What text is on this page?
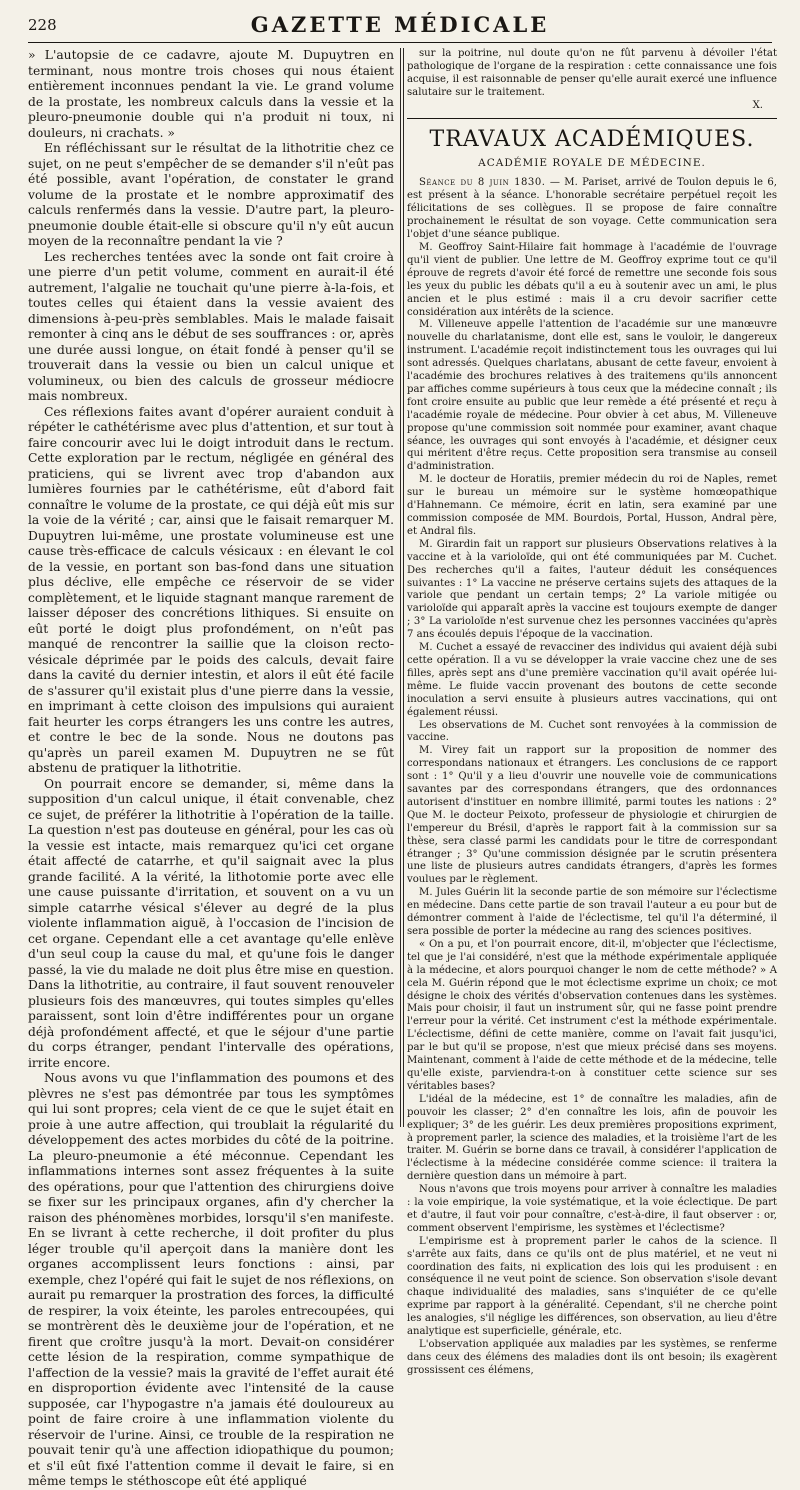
228	GAZETTE MÉDICALE

» L'autopsie de ce cadavre, ajoute M. Dupuytren en terminant, nous montre trois choses qui nous étaient entièrement inconnues pendant la vie. Le grand volume de la prostate, les nombreux calculs dans la vessie et la pleuro-pneumonie double qui n'a produit ni toux, ni douleurs, ni crachats. »

En réfléchissant sur le résultat de la lithotritie chez ce sujet, on ne peut s'empêcher de se demander s'il n'eût pas été possible, avant l'opération, de constater le grand volume de la prostate et le nombre approximatif des calculs renfermés dans la vessie. D'autre part, la pleuro-pneumonie double était-elle si obscure qu'il n'y eût aucun moyen de la reconnaître pendant la vie ?

Les recherches tentées avec la sonde ont fait croire à une pierre d'un petit volume, comment en aurait-il été autrement, l'algalie ne touchait qu'une pierre à-la-fois, et toutes celles qui étaient dans la vessie avaient des dimensions à-peu-près semblables. Mais le malade faisait remonter à cinq ans le début de ses souffrances : or, après une durée aussi longue, on était fondé à penser qu'il se trouverait dans la vessie ou bien un calcul unique et volumineux, ou bien des calculs de grosseur médiocre mais nombreux.

Ces réflexions faites avant d'opérer auraient conduit à répéter le cathétérisme avec plus d'attention, et sur tout à faire concourir avec lui le doigt introduit dans le rectum. Cette exploration par le rectum, négligée en général des praticiens, qui se livrent avec trop d'abandon aux lumières fournies par le cathétérisme, eût d'abord fait connaître le volume de la prostate, ce qui déjà eût mis sur la voie de la vérité ; car, ainsi que le faisait remarquer M. Dupuytren lui-même, une prostate volumineuse est une cause très-efficace de calculs vésicaux : en élevant le col de la vessie, en portant son bas-fond dans une situation plus déclive, elle empêche ce réservoir de se vider complètement, et le liquide stagnant manque rarement de laisser déposer des concrétions lithiques. Si ensuite on eût porté le doigt plus profondément, on n'eût pas manqué de rencontrer la saillie que la cloison recto-vésicale déprimée par le poids des calculs, devait faire dans la cavité du dernier intestin, et alors il eût été facile de s'assurer qu'il existait plus d'une pierre dans la vessie, en imprimant à cette cloison des impulsions qui auraient fait heurter les corps étrangers les uns contre les autres, et contre le bec de la sonde. Nous ne doutons pas qu'après un pareil examen M. Dupuytren ne se fût abstenu de pratiquer la lithotritie.

On pourrait encore se demander, si, même dans la supposition d'un calcul unique, il était convenable, chez ce sujet, de préférer la lithotritie à l'opération de la taille. La question n'est pas douteuse en général, pour les cas où la vessie est intacte, mais remarquez qu'ici cet organe était affecté de catarrhe, et qu'il saignait avec la plus grande facilité. A la vérité, la lithotomie porte avec elle une cause puissante d'irritation, et souvent on a vu un simple catarrhe vésical s'élever au degré de la plus violente inflammation aiguë, à l'occasion de l'incision de cet organe. Cependant elle a cet avantage qu'elle enlève d'un seul coup la cause du mal, et qu'une fois le danger passé, la vie du malade ne doit plus être mise en question. Dans la lithotritie, au contraire, il faut souvent renouveler plusieurs fois des manœuvres, qui toutes simples qu'elles paraissent, sont loin d'être indifférentes pour un organe déjà profondément affecté, et que le séjour d'une partie du corps étranger, pendant l'intervalle des opérations, irrite encore.

Nous avons vu que l'inflammation des poumons et des plèvres ne s'est pas démontrée par tous les symptômes qui lui sont propres; cela vient de ce que le sujet était en proie à une autre affection, qui troublait la régularité du développement des actes morbides du côté de la poitrine. La pleuro-pneumonie a été méconnue. Cependant les inflammations internes sont assez fréquentes à la suite des opérations, pour que l'attention des chirurgiens doive se fixer sur les principaux organes, afin d'y chercher la raison des phénomènes morbides, lorsqu'il s'en manifeste. En se livrant à cette recherche, il doit profiter du plus léger trouble qu'il aperçoit dans la manière dont les organes accomplissent leurs fonctions : ainsi, par exemple, chez l'opéré qui fait le sujet de nos réflexions, on aurait pu remarquer la prostration des forces, la difficulté de respirer, la voix éteinte, les paroles entrecoupées, qui se montrèrent dès le deuxième jour de l'opération, et ne firent que croître jusqu'à la mort. Devait-on considérer cette lésion de la respiration, comme sympathique de l'affection de la vessie? mais la gravité de l'effet aurait été en disproportion évidente avec l'intensité de la cause supposée, car l'hypogastre n'a jamais été douloureux au point de faire croire à une inflammation violente du réservoir de l'urine. Ainsi, ce trouble de la respiration ne pouvait tenir qu'à une affection idiopathique du poumon; et s'il eût fixé l'attention comme il devait le faire, si en même temps le stéthoscope eût été appliqué

sur la poitrine, nul doute qu'on ne fût parvenu à dévoiler l'état pathologique de l'organe de la respiration : cette connaissance une fois acquise, il est raisonnable de penser qu'elle aurait exercé une influence salutaire sur le traitement.

X.

TRAVAUX ACADÉMIQUES.
ACADÉMIE ROYALE DE MÉDECINE.

Séance du 8 juin 1830. — M. Pariset, arrivé de Toulon depuis le 6, est présent à la séance. L'honorable secrétaire perpétuel reçoit les félicitations de ses collègues. Il se propose de faire connaître prochainement le résultat de son voyage. Cette communication sera l'objet d'une séance publique.

M. Geoffroy Saint-Hilaire fait hommage à l'académie de l'ouvrage qu'il vient de publier. Une lettre de M. Geoffroy exprime tout ce qu'il éprouve de regrets d'avoir été forcé de remettre une seconde fois sous les yeux du public les débats qu'il a eu à soutenir avec un ami, le plus ancien et le plus estimé : mais il a cru devoir sacrifier cette considération aux intérêts de la science.

M. Villeneuve appelle l'attention de l'académie sur une manœuvre nouvelle du charlatanisme, dont elle est, sans le vouloir, le dangereux instrument. L'académie reçoit indistinctement tous les ouvrages qui lui sont adressés. Quelques charlatans, abusant de cette faveur, envoient à l'académie des brochures relatives à des traitemens qu'ils annoncent par affiches comme supérieurs à tous ceux que la médecine connaît ; ils font croire ensuite au public que leur remède a été présenté et reçu à l'académie royale de médecine. Pour obvier à cet abus, M. Villeneuve propose qu'une commission soit nommée pour examiner, avant chaque séance, les ouvrages qui sont envoyés à l'académie, et désigner ceux qui méritent d'être reçus. Cette proposition sera transmise au conseil d'administration.

M. le docteur de Horatiis, premier médecin du roi de Naples, remet sur le bureau un mémoire sur le système homœopathique d'Hahnemann. Ce mémoire, écrit en latin, sera examiné par une commission composée de MM. Bourdois, Portal, Husson, Andral père, et Andral fils.

M. Girardin fait un rapport sur plusieurs Observations relatives à la vaccine et à la varioloïde, qui ont été communiquées par M. Cuchet. Des recherches qu'il a faites, l'auteur déduit les conséquences suivantes : 1° La vaccine ne préserve certains sujets des attaques de la variole que pendant un certain temps; 2° La variole mitigée ou varioloïde qui apparaît après la vaccine est toujours exempte de danger ; 3° La varioloïde n'est survenue chez les personnes vaccinées qu'après 7 ans écoulés depuis l'époque de la vaccination.

M. Cuchet a essayé de revacciner des individus qui avaient déjà subi cette opération. Il a vu se développer la vraie vaccine chez une de ses filles, après sept ans d'une première vaccination qu'il avait opérée lui-même. Le fluide vaccin provenant des boutons de cette seconde inoculation a servi ensuite à plusieurs autres vaccinations, qui ont également réussi.

Les observations de M. Cuchet sont renvoyées à la commission de vaccine.

M. Virey fait un rapport sur la proposition de nommer des correspondans nationaux et étrangers. Les conclusions de ce rapport sont : 1° Qu'il y a lieu d'ouvrir une nouvelle voie de communications savantes par des correspondans étrangers, que des ordonnances autorisent d'instituer en nombre illimité, parmi toutes les nations : 2° Que M. le docteur Peixoto, professeur de physiologie et chirurgien de l'empereur du Brésil, d'après le rapport fait à la commission sur sa thèse, sera classé parmi les candidats pour le titre de correspondant étranger ; 3° Qu'une commission désignée par le scrutin présentera une liste de plusieurs autres candidats étrangers, d'après les formes voulues par le règlement.

M. Jules Guérin lit la seconde partie de son mémoire sur l'éclectisme en médecine. Dans cette partie de son travail l'auteur a eu pour but de démontrer comment à l'aide de l'éclectisme, tel qu'il l'a déterminé, il sera possible de porter la médecine au rang des sciences positives.

« On a pu, et l'on pourrait encore, dit-il, m'objecter que l'éclectisme, tel que je l'ai considéré, n'est que la méthode expérimentale appliquée à la médecine, et alors pourquoi changer le nom de cette méthode? » A cela M. Guérin répond que le mot éclectisme exprime un choix; ce mot désigne le choix des vérités d'observation contenues dans les systèmes. Mais pour choisir, il faut un instrument sûr, qui ne fasse point prendre l'erreur pour la vérité. Cet instrument c'est la méthode expérimentale. L'éclectisme, défini de cette manière, comme on l'avait fait jusqu'ici, par le but qu'il se propose, n'est que mieux précisé dans ses moyens. Maintenant, comment à l'aide de cette méthode et de la médecine, telle qu'elle existe, parviendra-t-on à constituer cette science sur ses véritables bases?

L'idéal de la médecine, est 1° de connaître les maladies, afin de pouvoir les classer; 2° d'en connaître les lois, afin de pouvoir les expliquer; 3° de les guérir. Les deux premières propositions expriment, à proprement parler, la science des maladies, et la troisième l'art de les traiter. M. Guérin se borne dans ce travail, à considérer l'application de l'éclectisme à la médecine considérée comme science: il traitera la dernière question dans un mémoire à part.

Nous n'avons que trois moyens pour arriver à connaître les maladies : la voie empirique, la voie systématique, et la voie éclectique. De part et d'autre, il faut voir pour connaître, c'est-à-dire, il faut observer : or, comment observent l'empirisme, les systèmes et l'éclectisme?

L'empirisme est à proprement parler le cahos de la science. Il s'arrête aux faits, dans ce qu'ils ont de plus matériel, et ne veut ni coordination des faits, ni explication des lois qui les produisent : en conséquence il ne veut point de science. Son observation s'isole devant chaque individualité des maladies, sans s'inquiéter de ce qu'elle exprime par rapport à la généralité. Cependant, s'il ne cherche point les analogies, s'il néglige les différences, son observation, au lieu d'être analytique est superficielle, générale, etc.

L'observation appliquée aux maladies par les systèmes, se renferme dans ceux des élémens des maladies dont ils ont besoin; ils exagèrent grossissent ces élémens,
